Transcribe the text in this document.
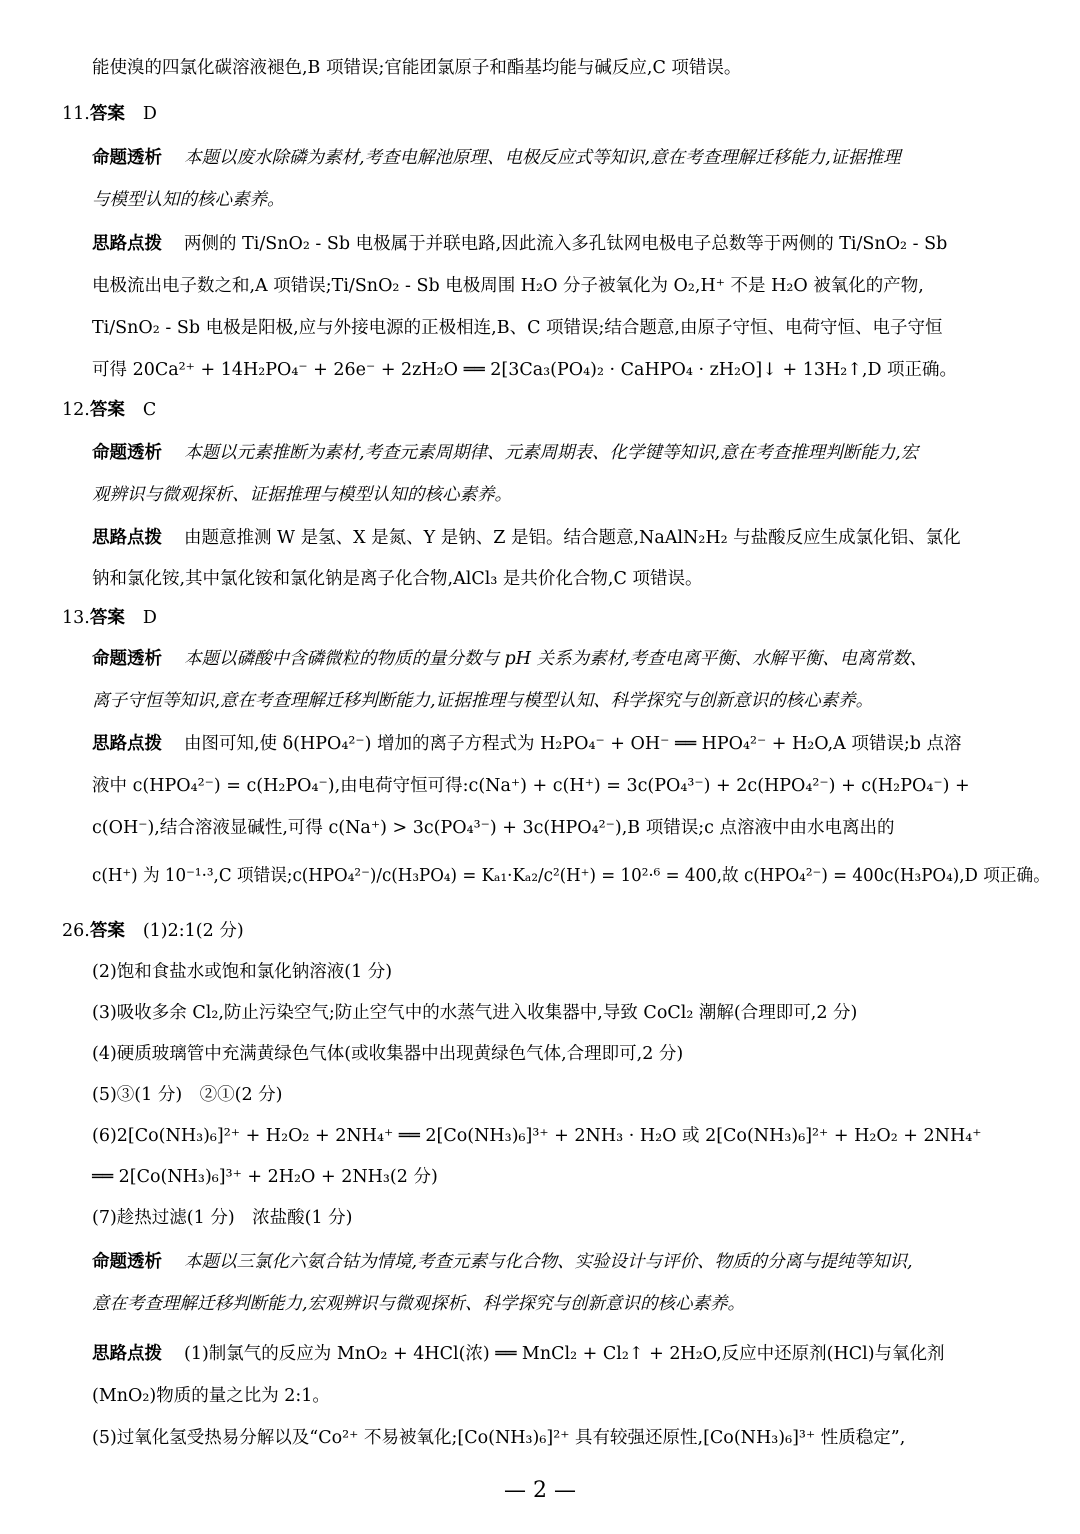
能使溴的四氯化碳溶液褪色,B 项错误;官能团氯原子和酯基均能与碱反应,C 项错误。
11.答案 D
命题透析 本题以废水除磷为素材,考查电解池原理、电极反应式等知识,意在考查理解迁移能力,证据推理
与模型认知的核心素养。
思路点拨 两侧的 Ti/SnO₂ - Sb 电极属于并联电路,因此流入多孔钛网电极电子总数等于两侧的 Ti/SnO₂ - Sb
电极流出电子数之和,A 项错误;Ti/SnO₂ - Sb 电极周围 H₂O 分子被氧化为 O₂,H⁺ 不是 H₂O 被氧化的产物,
Ti/SnO₂ - Sb 电极是阳极,应与外接电源的正极相连,B、C 项错误;结合题意,由原子守恒、电荷守恒、电子守恒
可得 20Ca²⁺ + 14H₂PO₄⁻ + 26e⁻ + 2zH₂O ══ 2[3Ca₃(PO₄)₂ · CaHPO₄ · zH₂O]↓ + 13H₂↑,D 项正确。
12.答案 C
命题透析 本题以元素推断为素材,考查元素周期律、元素周期表、化学键等知识,意在考查推理判断能力,宏
观辨识与微观探析、证据推理与模型认知的核心素养。
思路点拨 由题意推测 W 是氢、X 是氮、Y 是钠、Z 是铝。结合题意,NaAlN₂H₂ 与盐酸反应生成氯化铝、氯化
钠和氯化铵,其中氯化铵和氯化钠是离子化合物,AlCl₃ 是共价化合物,C 项错误。
13.答案 D
命题透析 本题以磷酸中含磷微粒的物质的量分数与 pH 关系为素材,考查电离平衡、水解平衡、电离常数、
离子守恒等知识,意在考查理解迁移判断能力,证据推理与模型认知、科学探究与创新意识的核心素养。
思路点拨 由图可知,使 δ(HPO₄²⁻) 增加的离子方程式为 H₂PO₄⁻ + OH⁻ ══ HPO₄²⁻ + H₂O,A 项错误;b 点溶
液中 c(HPO₄²⁻) = c(H₂PO₄⁻),由电荷守恒可得:c(Na⁺) + c(H⁺) = 3c(PO₄³⁻) + 2c(HPO₄²⁻) + c(H₂PO₄⁻) +
c(OH⁻),结合溶液显碱性,可得 c(Na⁺) > 3c(PO₄³⁻) + 3c(HPO₄²⁻),B 项错误;c 点溶液中由水电离出的
c(H⁺) 为 10⁻¹·³,C 项错误;c(HPO₄²⁻)/c(H₃PO₄) = Kₐ₁·Kₐ₂/c²(H⁺) = 10²·⁶ = 400,故 c(HPO₄²⁻) = 400c(H₃PO₄),D 项正确。
26.答案 (1)2:1(2 分)
(2)饱和食盐水或饱和氯化钠溶液(1 分)
(3)吸收多余 Cl₂,防止污染空气;防止空气中的水蒸气进入收集器中,导致 CoCl₂ 潮解(合理即可,2 分)
(4)硬质玻璃管中充满黄绿色气体(或收集器中出现黄绿色气体,合理即可,2 分)
(5)③(1 分)　②①(2 分)
(6)2[Co(NH₃)₆]²⁺ + H₂O₂ + 2NH₄⁺ ══ 2[Co(NH₃)₆]³⁺ + 2NH₃ · H₂O 或 2[Co(NH₃)₆]²⁺ + H₂O₂ + 2NH₄⁺
══ 2[Co(NH₃)₆]³⁺ + 2H₂O + 2NH₃(2 分)
(7)趁热过滤(1 分)　浓盐酸(1 分)
命题透析 本题以三氯化六氨合钴为情境,考查元素与化合物、实验设计与评价、物质的分离与提纯等知识,
意在考查理解迁移判断能力,宏观辨识与微观探析、科学探究与创新意识的核心素养。
思路点拨 (1)制氯气的反应为 MnO₂ + 4HCl(浓) ══ MnCl₂ + Cl₂↑ + 2H₂O,反应中还原剂(HCl)与氧化剂
(MnO₂)物质的量之比为 2:1。
(5)过氧化氢受热易分解以及“Co²⁺ 不易被氧化;[Co(NH₃)₆]²⁺ 具有较强还原性,[Co(NH₃)₆]³⁺ 性质稳定”,
— 2 —
